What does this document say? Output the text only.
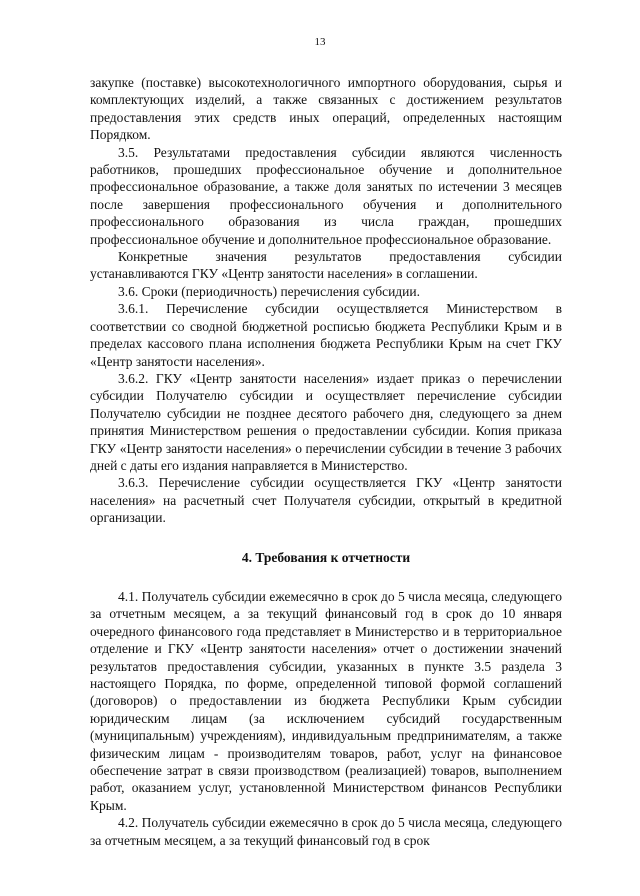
13

закупке (поставке) высокотехнологичного импортного оборудования, сырья и комплектующих изделий, а также связанных с достижением результатов предоставления этих средств иных операций, определенных настоящим Порядком.

3.5. Результатами предоставления субсидии являются численность работников, прошедших профессиональное обучение и дополнительное профессиональное образование, а также доля занятых по истечении 3 месяцев после завершения профессионального обучения и дополнительного профессионального образования из числа граждан, прошедших профессиональное обучение и дополнительное профессиональное образование.

Конкретные значения результатов предоставления субсидии устанавливаются ГКУ «Центр занятости населения» в соглашении.

3.6. Сроки (периодичность) перечисления субсидии.

3.6.1. Перечисление субсидии осуществляется Министерством в соответствии со сводной бюджетной росписью бюджета Республики Крым и в пределах кассового плана исполнения бюджета Республики Крым на счет ГКУ «Центр занятости населения».

3.6.2. ГКУ «Центр занятости населения» издает приказ о перечислении субсидии Получателю субсидии и осуществляет перечисление субсидии Получателю субсидии не позднее десятого рабочего дня, следующего за днем принятия Министерством решения о предоставлении субсидии. Копия приказа ГКУ «Центр занятости населения» о перечислении субсидии в течение 3 рабочих дней с даты его издания направляется в Министерство.

3.6.3. Перечисление субсидии осуществляется ГКУ «Центр занятости населения» на расчетный счет Получателя субсидии, открытый в кредитной организации.

4. Требования к отчетности

4.1. Получатель субсидии ежемесячно в срок до 5 числа месяца, следующего за отчетным месяцем, а за текущий финансовый год в срок до 10 января очередного финансового года представляет в Министерство и в территориальное отделение и ГКУ «Центр занятости населения» отчет о достижении значений результатов предоставления субсидии, указанных в пункте 3.5 раздела 3 настоящего Порядка, по форме, определенной типовой формой соглашений (договоров) о предоставлении из бюджета Республики Крым субсидии юридическим лицам (за исключением субсидий государственным (муниципальным) учреждениям), индивидуальным предпринимателям, а также физическим лицам - производителям товаров, работ, услуг на финансовое обеспечение затрат в связи производством (реализацией) товаров, выполнением работ, оказанием услуг, установленной Министерством финансов Республики Крым.

4.2. Получатель субсидии ежемесячно в срок до 5 числа месяца, следующего за отчетным месяцем, а за текущий финансовый год в срок
